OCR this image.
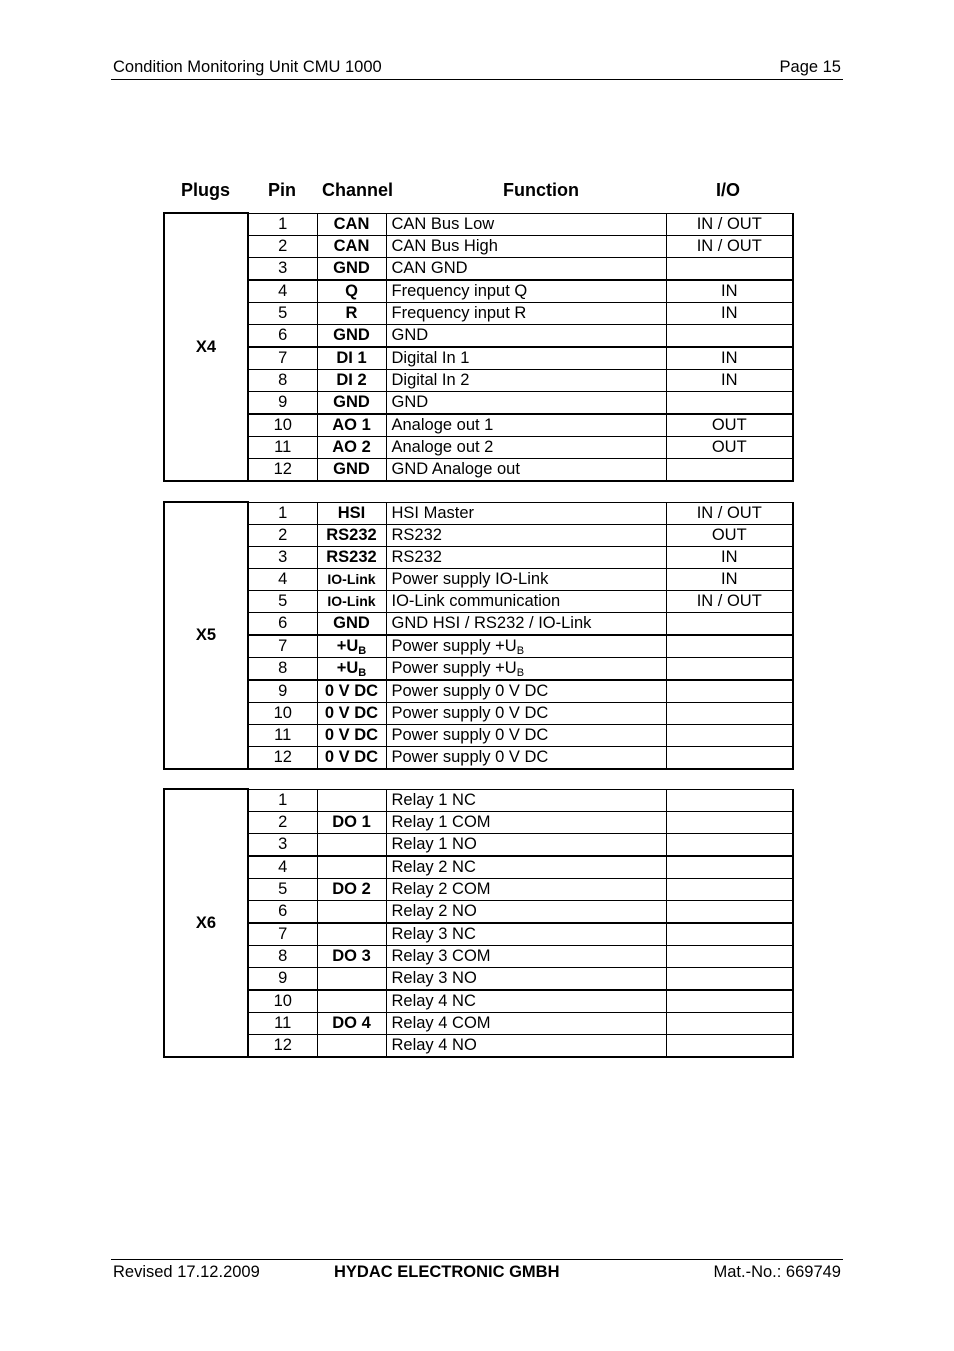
Condition Monitoring Unit CMU 1000	Page 15
Plugs Pin Channel	Function	I/O
X4	1	CAN	CAN Bus Low	IN / OUT
	2	CAN	CAN Bus High	IN / OUT
	3	GND	CAN GND	
	4	Q	Frequency input Q	IN
	5	R	Frequency input R	IN
	6	GND	GND	
	7	DI 1	Digital In 1	IN
	8	DI 2	Digital In 2	IN
	9	GND	GND	
	10	AO 1	Analoge out 1	OUT
	11	AO 2	Analoge out 2	OUT
	12	GND	GND Analoge out	
X5	1	HSI	HSI Master	IN / OUT
	2	RS232	RS232	OUT
	3	RS232	RS232	IN
	4	IO-Link	Power supply IO-Link	IN
	5	IO-Link	IO-Link communication	IN / OUT
	6	GND	GND HSI / RS232 / IO-Link	
	7	$+U_B$	Power supply $+U_B$	
	8	$+U_B$	Power supply $+U_B$	
	9	0 V DC	Power supply 0 V DC	
	10	0 V DC	Power supply 0 V DC	
	11	0 V DC	Power supply 0 V DC	
	12	0 V DC	Power supply 0 V DC	
X6	1		Relay 1 NC	
	2	DO 1	Relay 1 COM	
	3		Relay 1 NO	
	4		Relay 2 NC	
	5	DO 2	Relay 2 COM	
	6		Relay 2 NO	
	7		Relay 3 NC	
	8	DO 3	Relay 3 COM	
	9		Relay 3 NO	
	10		Relay 4 NC	
	11	DO 4	Relay 4 COM	
	12		Relay 4 NO	
Revised 17.12.2009	HYDAC ELECTRONIC GMBH	Mat.-No.: 669749
